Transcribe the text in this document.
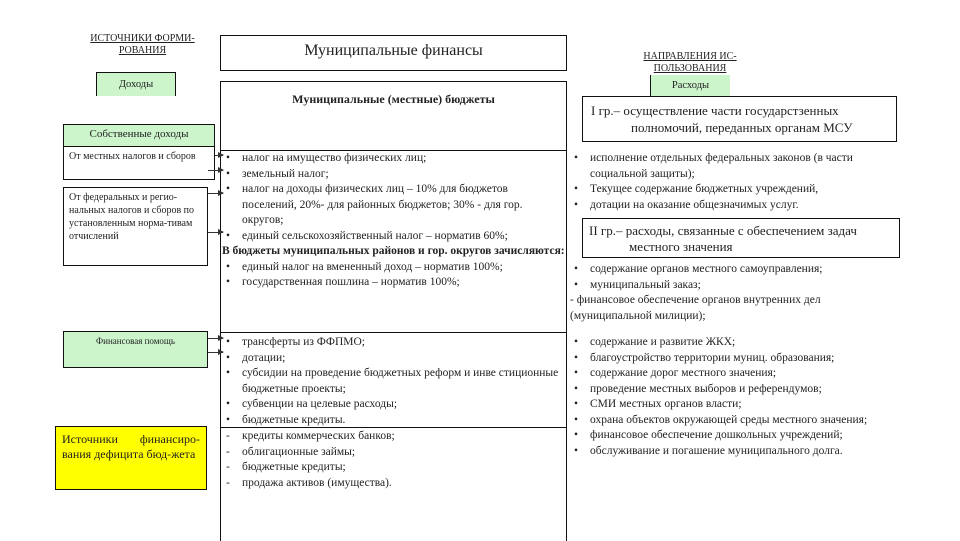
ИСТОЧНИКИ ФОРМИ-
РОВАНИЯ	Муниципальные финансы
Доходы
Муниципальные (местные) бюджеты
Собственные доходы
От местных налогов и сборов
От федеральных и регио-нальных налогов и сборов по установленным норма-тивам отчислений
Финансовая помощь
Источники финансиро-вания дефицита бюд-жета
• налог на имущество физических лиц;
• земельный налог;
• налог на доходы физических лиц – 10% для бюджетов поселений, 20%- для районных бюджетов; 30% - для гор. округов;
• единый сельскохозяйственный налог – норматив 60%;
В бюджеты муниципальных районов и гор. округов зачисляются:
• единый налог на вмененный доход – норматив 100%;
• государственная пошлина – норматив 100%;
• трансферты из ФФПМО;
• дотации;
• субсидии на проведение бюджетных реформ и инве стиционные бюджетные проекты;
• субвенции на целевые расходы;
• бюджетные кредиты.
- кредиты коммерческих банков;
- облигационные займы;
- бюджетные кредиты;
- продажа активов (имущества).
НАПРАВЛЕНИЯ ИС-
ПОЛЬЗОВАНИЯ
Расходы
I гр.– осуществление части государстзенных
полномочий, переданных органам МСУ
• исполнение отдельных федеральных законов (в части социальной защиты);
• Текущее содержание бюджетных учреждений,
• дотации на оказание общезначимых услуг.
II гр.– расходы, связанные с обеспечением задач
местного значения
• содержание органов местного самоуправления;
• муниципальный заказ;
- финансовое обеспечение органов внутренних дел (муниципальной милиции);
• содержание и развитие ЖКХ;
• благоустройство территории муниц. образования;
• содержание дорог местного значения;
• проведение местных выборов и референдумов;
• СМИ местных органов власти;
• охрана объектов окружающей среды местного значения;
• финансовое обеспечение дошкольных учреждений;
• обслуживание и погашение муниципального долга.
